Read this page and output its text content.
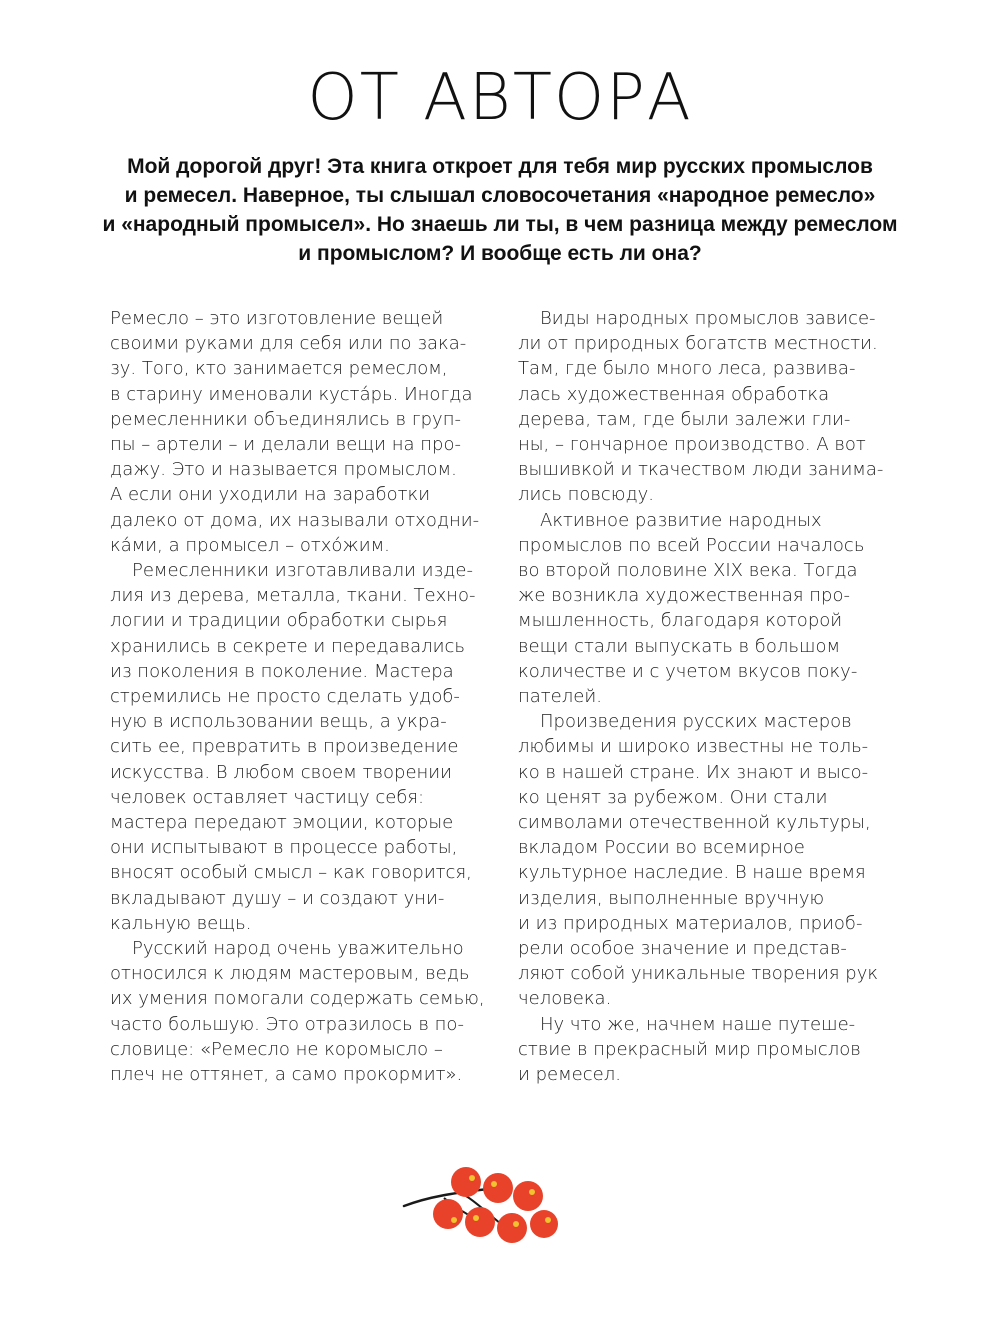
ОТ АВТОРА
Мой дорогой друг! Эта книга откроет для тебя мир русских промыслов
и ремесел. Наверное, ты слышал словосочетания «народное ремесло»
и «народный промысел». Но знаешь ли ты, в чем разница между ремеслом
и промыслом? И вообще есть ли она?
Ремесло – это изготовление вещей
своими руками для себя или по зака-
зу. Того, кто занимается ремеслом,
в старину именовали куста́рь. Иногда
ремесленники объединялись в груп-
пы – артели – и делали вещи на про-
дажу. Это и называется промыслом.
А если они уходили на заработки
далеко от дома, их называли отходни-
ка́ми, а промысел – отхо́жим.
Ремесленники изготавливали изде-
лия из дерева, металла, ткани. Техно-
логии и традиции обработки сырья
хранились в секрете и передавались
из поколения в поколение. Мастера
стремились не просто сделать удоб-
ную в использовании вещь, а укра-
сить ее, превратить в произведение
искусства. В любом своем творении
человек оставляет частицу себя:
мастера передают эмоции, которые
они испытывают в процессе работы,
вносят особый смысл – как говорится,
вкладывают душу – и создают уни-
кальную вещь.
Русский народ очень уважительно
относился к людям мастеровым, ведь
их умения помогали содержать семью,
часто большую. Это отразилось в по-
словице: «Ремесло не коромысло –
плеч не оттянет, а само прокормит».
Виды народных промыслов зависе-
ли от природных богатств местности.
Там, где было много леса, развива-
лась художественная обработка
дерева, там, где были залежи гли-
ны, – гончарное производство. А вот
вышивкой и ткачеством люди занима-
лись повсюду.
Активное развитие народных
промыслов по всей России началось
во второй половине XIX века. Тогда
же возникла художественная про-
мышленность, благодаря которой
вещи стали выпускать в большом
количестве и с учетом вкусов поку-
пателей.
Произведения русских мастеров
любимы и широко известны не толь-
ко в нашей стране. Их знают и высо-
ко ценят за рубежом. Они стали
символами отечественной культуры,
вкладом России во всемирное
культурное наследие. В наше время
изделия, выполненные вручную
и из природных материалов, приоб-
рели особое значение и представ-
ляют собой уникальные творения рук
человека.
Ну что же, начнем наше путеше-
ствие в прекрасный мир промыслов
и ремесел.
